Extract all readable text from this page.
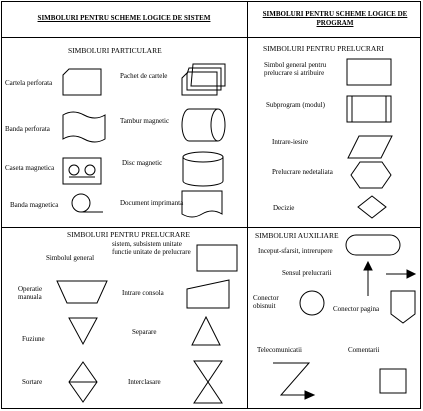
SIMBOLURI PENTRU SCHEME LOGICE DE SISTEM	SIMBOLURI PENTRU SCHEME LOGICE DE PROGRAM
SIMBOLURI PARTICULARE
Cartela perforata
Pachet de cartele
Banda perforata
Tambur magnetic
Caseta magnetica
Disc magnetic
Banda magnetica	Document imprimanta
SIMBOLURI PENTRU PRELUCRARI
Simbol general pentru prelucrare si atribuire
Subprogram (modul)
Intrare-iesire
Prelucrare nedetaliata
Decizie
SIMBOLURI PENTRU PRELUCRARE
Simbolul general
sistem, subsistem unitate functie unitate de prelucrare
Operatie manuala	Intrare consola
Fuziune
Separare
Sortare	Interclasare
SIMBOLURI AUXILIARE
Inceput-sfarsit, intrerupere
Sensul prelucrarii
Conector obisnuit	Conector pagina
Telecomunicatii	Comentarii
